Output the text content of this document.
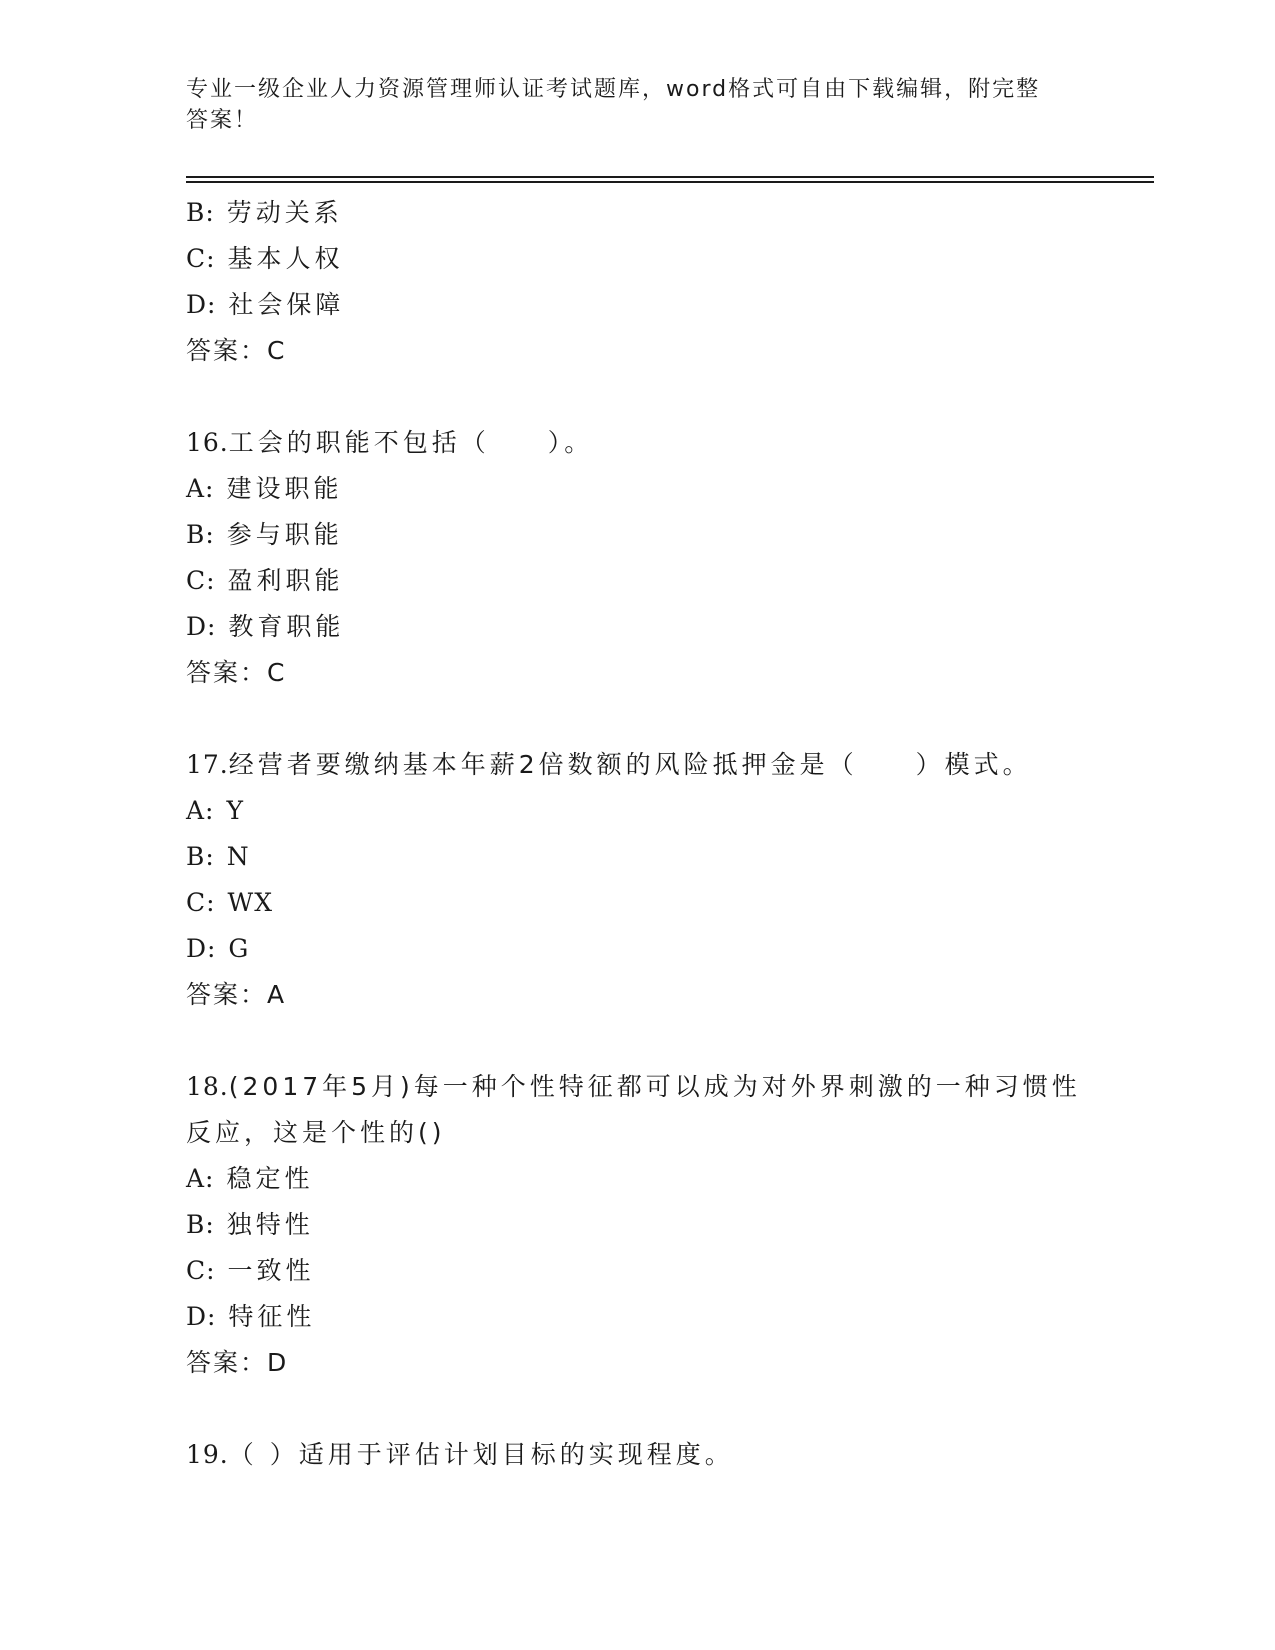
专业一级企业人力资源管理师认证考试题库，word格式可自由下载编辑，附完整
答案！
B: 劳动关系
C: 基本人权
D: 社会保障
答案：C
16.工会的职能不包括（　　）。
A: 建设职能
B: 参与职能
C: 盈利职能
D: 教育职能
答案：C
17.经营者要缴纳基本年薪2倍数额的风险抵押金是（　　）模式。
A: Y
B: N
C: WX
D: G
答案：A
18.(2017年5月)每一种个性特征都可以成为对外界刺激的一种习惯性反应，这是个性的()
A: 稳定性
B: 独特性
C: 一致性
D: 特征性
答案：D
19.（ ）适用于评估计划目标的实现程度。
